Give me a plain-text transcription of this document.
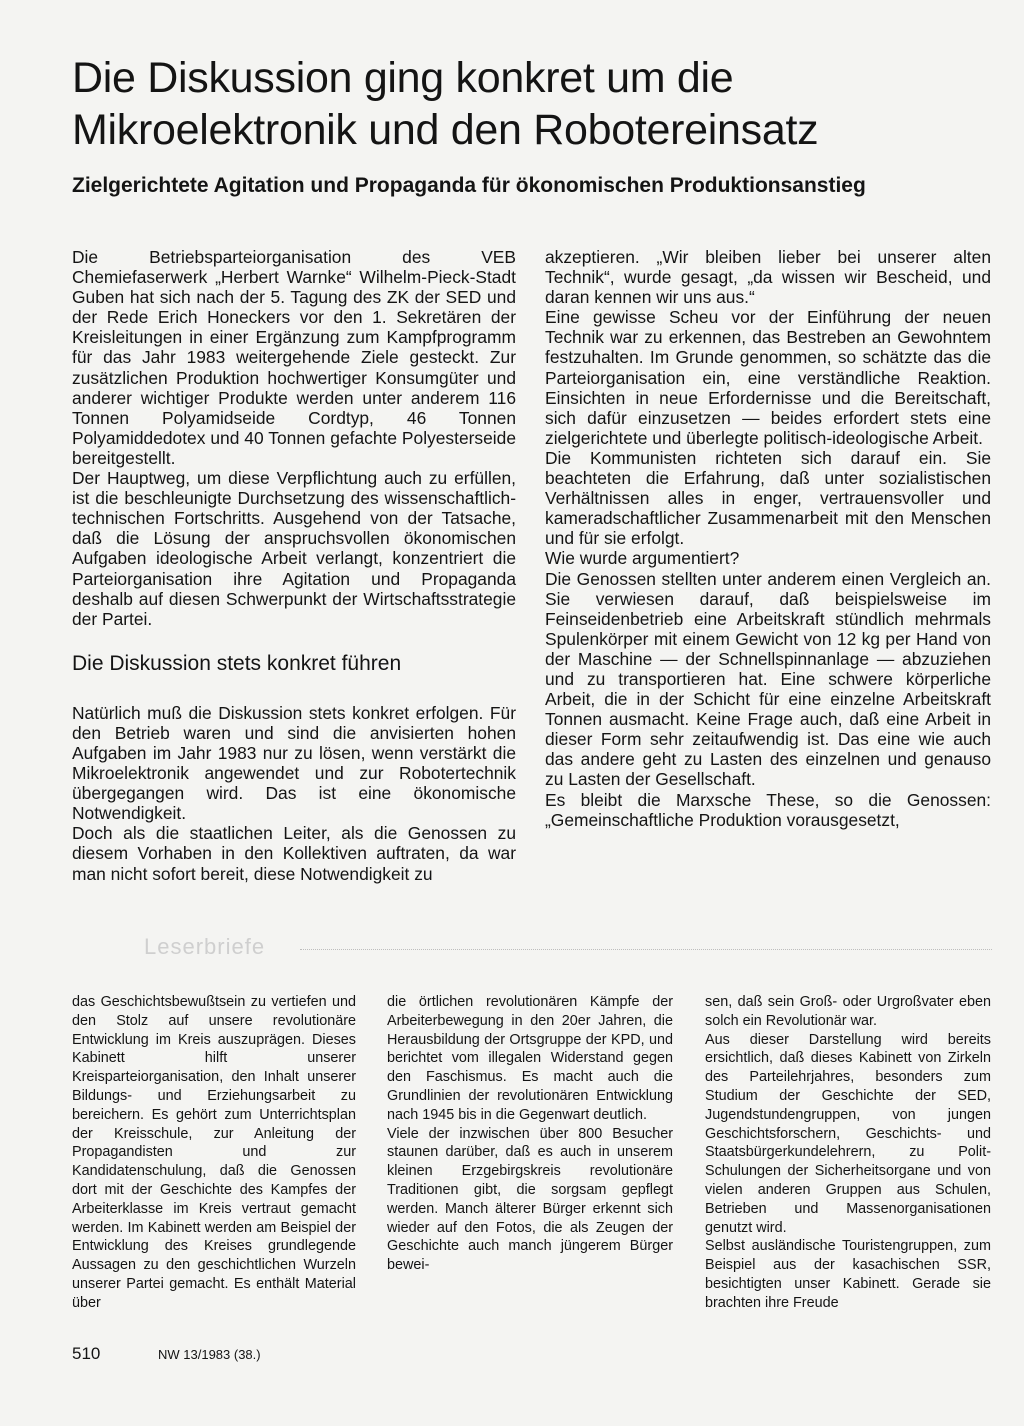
Die Diskussion ging konkret um die
Mikroelektronik und den Robotereinsatz
Zielgerichtete Agitation und Propaganda für ökonomischen Produktionsanstieg

Die Betriebsparteiorganisation des VEB Chemiefaserwerk „Herbert Warnke“ Wilhelm-Pieck-Stadt Guben hat sich nach der 5. Tagung des ZK der SED und der Rede Erich Honeckers vor den 1. Sekretären der Kreisleitungen in einer Ergänzung zum Kampfprogramm für das Jahr 1983 weitergehende Ziele gesteckt. Zur zusätzlichen Produktion hochwertiger Konsumgüter und anderer wichtiger Produkte werden unter anderem 116 Tonnen Polyamidseide Cordtyp, 46 Tonnen Polyamiddedotex und 40 Tonnen gefachte Polyesterseide bereitgestellt.

Der Hauptweg, um diese Verpflichtung auch zu erfüllen, ist die beschleunigte Durchsetzung des wissenschaftlich-technischen Fortschritts. Ausgehend von der Tatsache, daß die Lösung der anspruchsvollen ökonomischen Aufgaben ideologische Arbeit verlangt, konzentriert die Parteiorganisation ihre Agitation und Propaganda deshalb auf diesen Schwerpunkt der Wirtschaftsstrategie der Partei.

Die Diskussion stets konkret führen

Natürlich muß die Diskussion stets konkret erfolgen. Für den Betrieb waren und sind die anvisierten hohen Aufgaben im Jahr 1983 nur zu lösen, wenn verstärkt die Mikroelektronik angewendet und zur Robotertechnik übergegangen wird. Das ist eine ökonomische Notwendigkeit.

Doch als die staatlichen Leiter, als die Genossen zu diesem Vorhaben in den Kollektiven auftraten, da war man nicht sofort bereit, diese Notwendigkeit zu

akzeptieren. „Wir bleiben lieber bei unserer alten Technik“, wurde gesagt, „da wissen wir Bescheid, und daran kennen wir uns aus.“

Eine gewisse Scheu vor der Einführung der neuen Technik war zu erkennen, das Bestreben an Gewohntem festzuhalten. Im Grunde genommen, so schätzte das die Parteiorganisation ein, eine verständliche Reaktion. Einsichten in neue Erfordernisse und die Bereitschaft, sich dafür einzusetzen — beides erfordert stets eine zielgerichtete und überlegte politisch-ideologische Arbeit.

Die Kommunisten richteten sich darauf ein. Sie beachteten die Erfahrung, daß unter sozialistischen Verhältnissen alles in enger, vertrauensvoller und kameradschaftlicher Zusammenarbeit mit den Menschen und für sie erfolgt.

Wie wurde argumentiert?

Die Genossen stellten unter anderem einen Vergleich an. Sie verwiesen darauf, daß beispielsweise im Feinseidenbetrieb eine Arbeitskraft stündlich mehrmals Spulenkörper mit einem Gewicht von 12 kg per Hand von der Maschine — der Schnellspinnanlage — abzuziehen und zu transportieren hat. Eine schwere körperliche Arbeit, die in der Schicht für eine einzelne Arbeitskraft Tonnen ausmacht. Keine Frage auch, daß eine Arbeit in dieser Form sehr zeitaufwendig ist. Das eine wie auch das andere geht zu Lasten des einzelnen und genauso zu Lasten der Gesellschaft.

Es bleibt die Marxsche These, so die Genossen: „Gemeinschaftliche Produktion vorausgesetzt,

Leserbriefe

das Geschichtsbewußtsein zu vertiefen und den Stolz auf unsere revolutionäre Entwicklung im Kreis auszuprägen. Dieses Kabinett hilft unserer Kreisparteiorganisation, den Inhalt unserer Bildungs- und Erziehungsarbeit zu bereichern. Es gehört zum Unterrichtsplan der Kreisschule, zur Anleitung der Propagandisten und zur Kandidatenschulung, daß die Genossen dort mit der Geschichte des Kampfes der Arbeiterklasse im Kreis vertraut gemacht werden. Im Kabinett werden am Beispiel der Entwicklung des Kreises grundlegende Aussagen zu den geschichtlichen Wurzeln unserer Partei gemacht. Es enthält Material über

die örtlichen revolutionären Kämpfe der Arbeiterbewegung in den 20er Jahren, die Herausbildung der Ortsgruppe der KPD, und berichtet vom illegalen Widerstand gegen den Faschismus. Es macht auch die Grundlinien der revolutionären Entwicklung nach 1945 bis in die Gegenwart deutlich.

Viele der inzwischen über 800 Besucher staunen darüber, daß es auch in unserem kleinen Erzgebirgskreis revolutionäre Traditionen gibt, die sorgsam gepflegt werden. Manch älterer Bürger erkennt sich wieder auf den Fotos, die als Zeugen der Geschichte auch manch jüngerem Bürger bewei-

sen, daß sein Groß- oder Urgroßvater eben solch ein Revolutionär war.

Aus dieser Darstellung wird bereits ersichtlich, daß dieses Kabinett von Zirkeln des Parteilehrjahres, besonders zum Studium der Geschichte der SED, Jugendstundengruppen, von jungen Geschichtsforschern, Geschichts- und Staatsbürgerkundelehrern, zu Polit-Schulungen der Sicherheitsorgane und von vielen anderen Gruppen aus Schulen, Betrieben und Massenorganisationen genutzt wird.

Selbst ausländische Touristengruppen, zum Beispiel aus der kasachischen SSR, besichtigten unser Kabinett. Gerade sie brachten ihre Freude

510	NW 13/1983 (38.)
